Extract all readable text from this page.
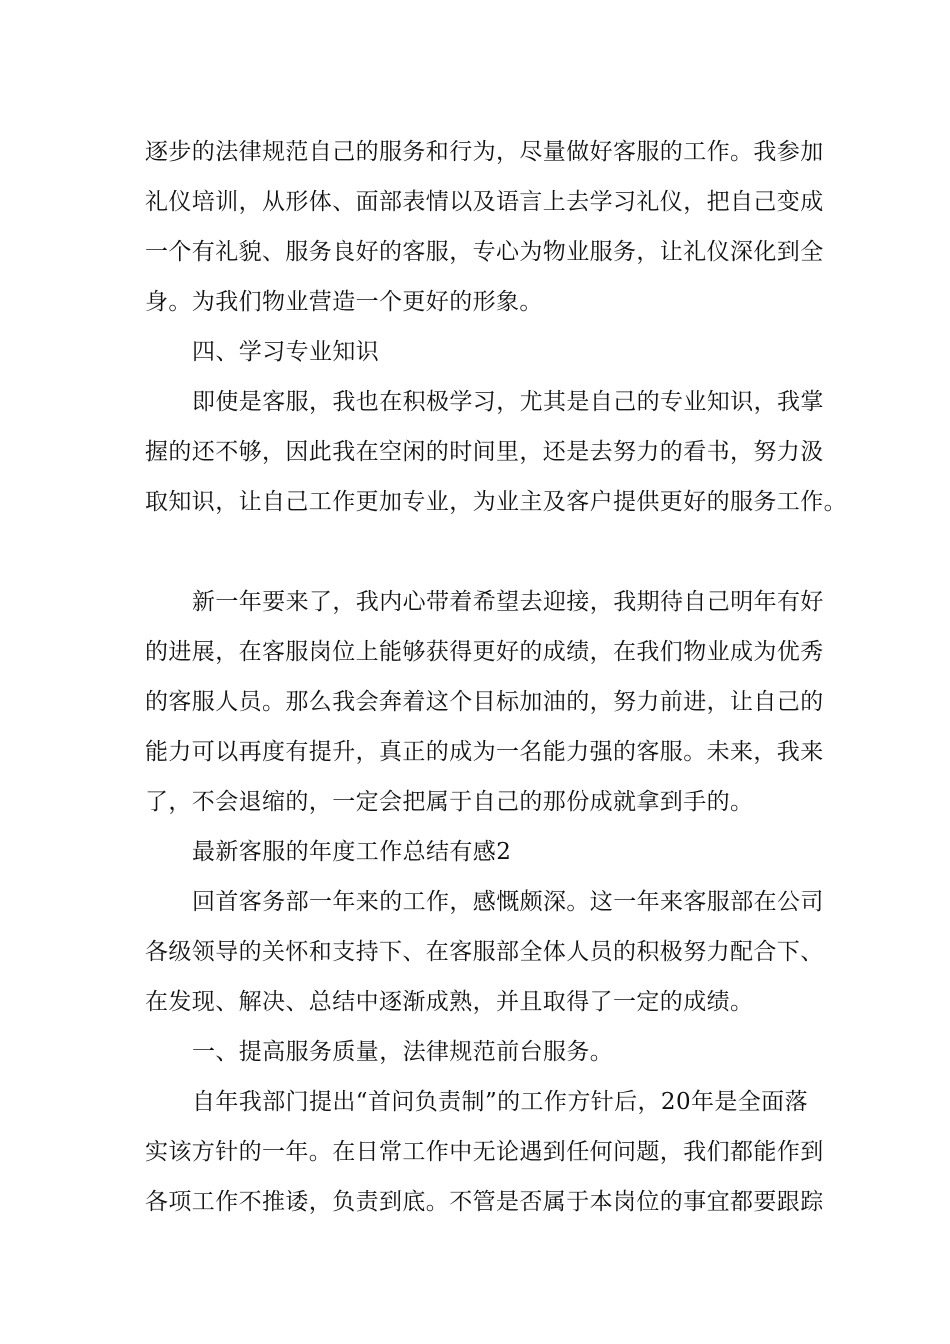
逐步的法律规范自己的服务和行为，尽量做好客服的工作。我参加
礼仪培训，从形体、面部表情以及语言上去学习礼仪，把自己变成
一个有礼貌、服务良好的客服，专心为物业服务，让礼仪深化到全
身。为我们物业营造一个更好的形象。
四、学习专业知识
即使是客服，我也在积极学习，尤其是自己的专业知识，我掌
握的还不够，因此我在空闲的时间里，还是去努力的看书，努力汲
取知识，让自己工作更加专业，为业主及客户提供更好的服务工作。
新一年要来了，我内心带着希望去迎接，我期待自己明年有好
的进展，在客服岗位上能够获得更好的成绩，在我们物业成为优秀
的客服人员。那么我会奔着这个目标加油的，努力前进，让自己的
能力可以再度有提升，真正的成为一名能力强的客服。未来，我来
了，不会退缩的，一定会把属于自己的那份成就拿到手的。
最新客服的年度工作总结有感2
回首客务部一年来的工作，感慨颇深。这一年来客服部在公司
各级领导的关怀和支持下、在客服部全体人员的积极努力配合下、
在发现、解决、总结中逐渐成熟，并且取得了一定的成绩。
一、提高服务质量，法律规范前台服务。
自年我部门提出“首问负责制”的工作方针后，20年是全面落
实该方针的一年。在日常工作中无论遇到任何问题，我们都能作到
各项工作不推诿，负责到底。不管是否属于本岗位的事宜都要跟踪
